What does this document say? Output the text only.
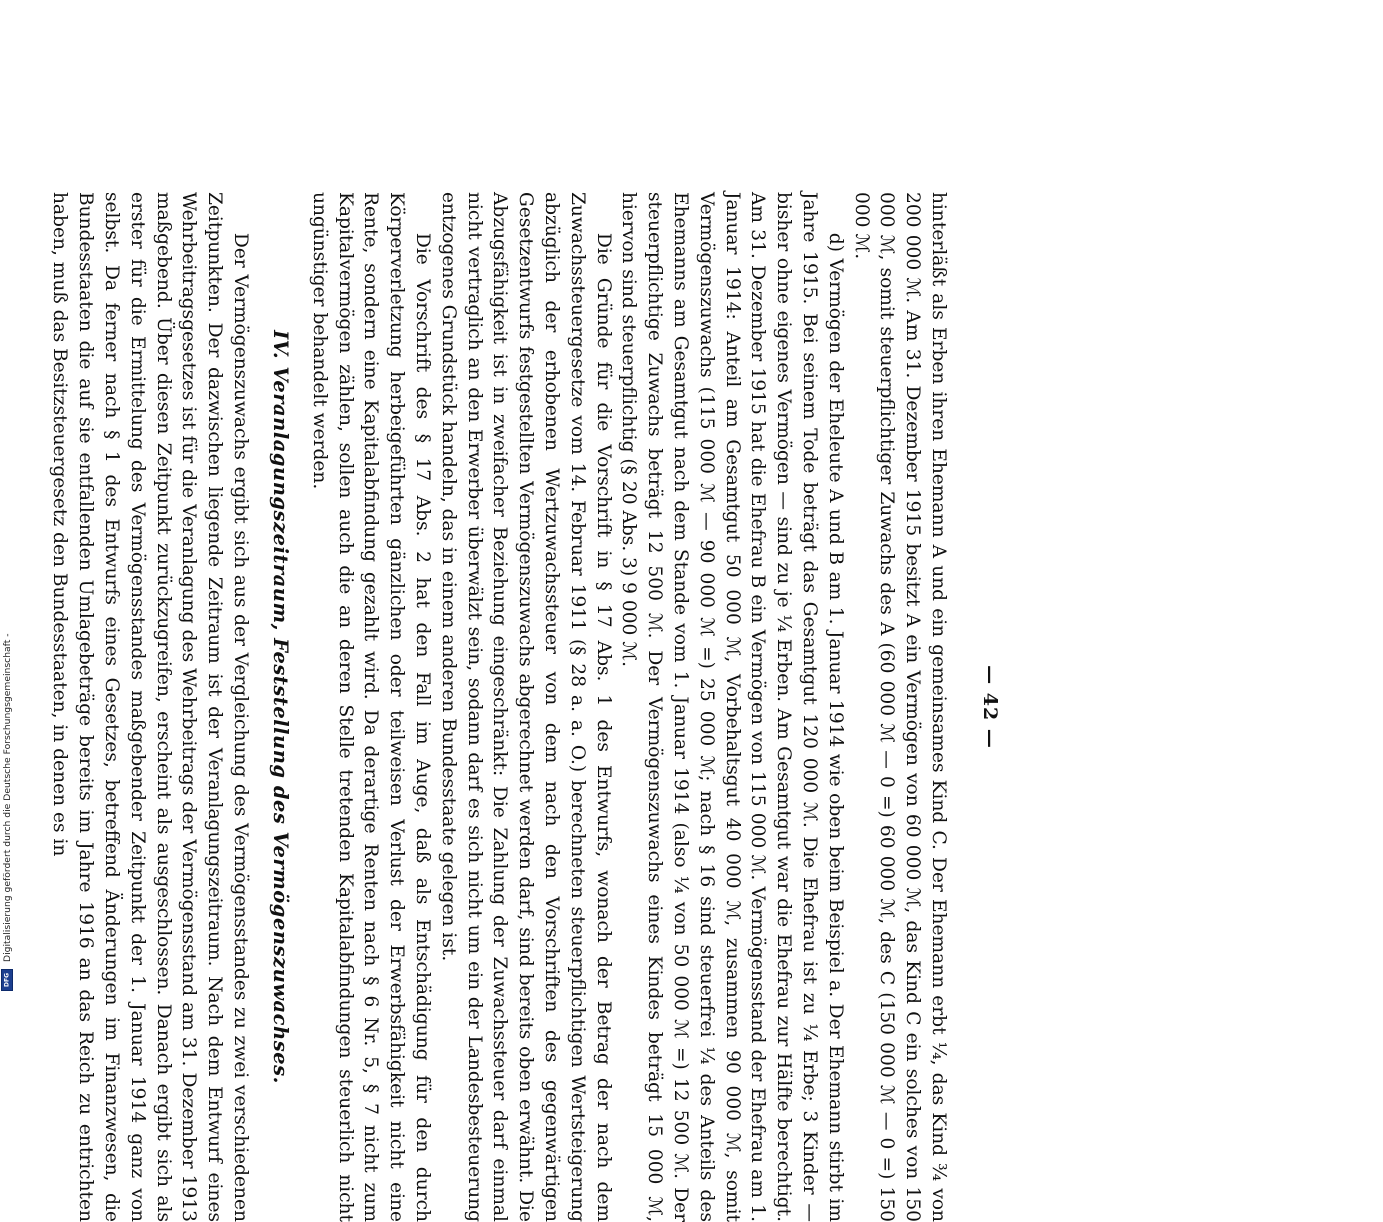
— 42 —

hinterläßt als Erben ihren Ehemann A und ein gemeinsames Kind C. Der Ehemann erbt ¼, das Kind ¾ von 200 000 ℳ. Am 31. Dezember 1915 besitzt A ein Vermögen von 60 000 ℳ, das Kind C ein solches von 150 000 ℳ, somit steuerpflichtiger Zuwachs des A (60 000 ℳ — 0 =) 60 000 ℳ, des C (150 000 ℳ — 0 =) 150 000 ℳ.

d) Vermögen der Eheleute A und B am 1. Januar 1914 wie oben beim Beispiel a. Der Ehemann stirbt im Jahre 1915. Bei seinem Tode beträgt das Gesamtgut 120 000 ℳ. Die Ehefrau ist zu ¼ Erbe; 3 Kinder — bisher ohne eigenes Vermögen — sind zu je ¼ Erben. Am Gesamtgut war die Ehefrau zur Hälfte berechtigt. Am 31. Dezember 1915 hat die Ehefrau B ein Vermögen von 115 000 ℳ. Vermögensstand der Ehefrau am 1. Januar 1914: Anteil am Gesamtgut 50 000 ℳ, Vorbehaltsgut 40 000 ℳ, zusammen 90 000 ℳ, somit Vermögenszuwachs (115 000 ℳ — 90 000 ℳ =) 25 000 ℳ; nach § 16 sind steuerfrei ¼ des Anteils des Ehemanns am Gesamtgut nach dem Stande vom 1. Januar 1914 (also ¼ von 50 000 ℳ =) 12 500 ℳ. Der steuerpflichtige Zuwachs beträgt 12 500 ℳ. Der Vermögenszuwachs eines Kindes beträgt 15 000 ℳ, hiervon sind steuerpflichtig (§ 20 Abs. 3) 9 000 ℳ.

Die Gründe für die Vorschrift in § 17 Abs. 1 des Entwurfs, wonach der Betrag der nach dem Zuwachssteuergesetze vom 14. Februar 1911 (§ 28 a. a. O.) berechneten steuerpflichtigen Wertsteigerung abzüglich der erhobenen Wertzuwachssteuer von dem nach den Vorschriften des gegenwärtigen Gesetzentwurfs festgestellten Vermögenszuwachs abgerechnet werden darf, sind bereits oben erwähnt. Die Abzugsfähigkeit ist in zweifacher Beziehung eingeschränkt: Die Zahlung der Zuwachssteuer darf einmal nicht vertraglich an den Erwerber überwälzt sein, sodann darf es sich nicht um ein der Landesbesteuerung entzogenes Grundstück handeln, das in einem anderen Bundesstaate gelegen ist.

Die Vorschrift des § 17 Abs. 2 hat den Fall im Auge, daß als Entschädigung für den durch Körperverletzung herbeigeführten gänzlichen oder teilweisen Verlust der Erwerbsfähigkeit nicht eine Rente, sondern eine Kapitalabfindung gezahlt wird. Da derartige Renten nach § 6 Nr. 5, § 7 nicht zum Kapitalvermögen zählen, sollen auch die an deren Stelle tretenden Kapitalabfindungen steuerlich nicht ungünstiger behandelt werden.

IV. Veranlagungszeitraum, Feststellung des Vermögenszuwachses.

Der Vermögenszuwachs ergibt sich aus der Vergleichung des Vermögensstandes zu zwei verschiedenen Zeitpunkten. Der dazwischen liegende Zeitraum ist der Veranlagungszeitraum. Nach dem Entwurf eines Wehrbeitragsgesetzes ist für die Veranlagung des Wehrbeitrags der Vermögensstand am 31. Dezember 1913 maßgebend. Über diesen Zeitpunkt zurückzugreifen, erscheint als ausgeschlossen. Danach ergibt sich als erster für die Ermittelung des Vermögensstandes maßgebender Zeitpunkt der 1. Januar 1914 ganz von selbst. Da ferner nach § 1 des Entwurfs eines Gesetzes, betreffend Änderungen im Finanzwesen, die Bundesstaaten die auf sie entfallenden Umlagebeträge bereits im Jahre 1916 an das Reich zu entrichten haben, muß das Besitzsteuergesetz den Bundesstaaten, in denen es in

Digitalisierung gefördert durch die Deutsche Forschungsgemeinschaft -
DFG
